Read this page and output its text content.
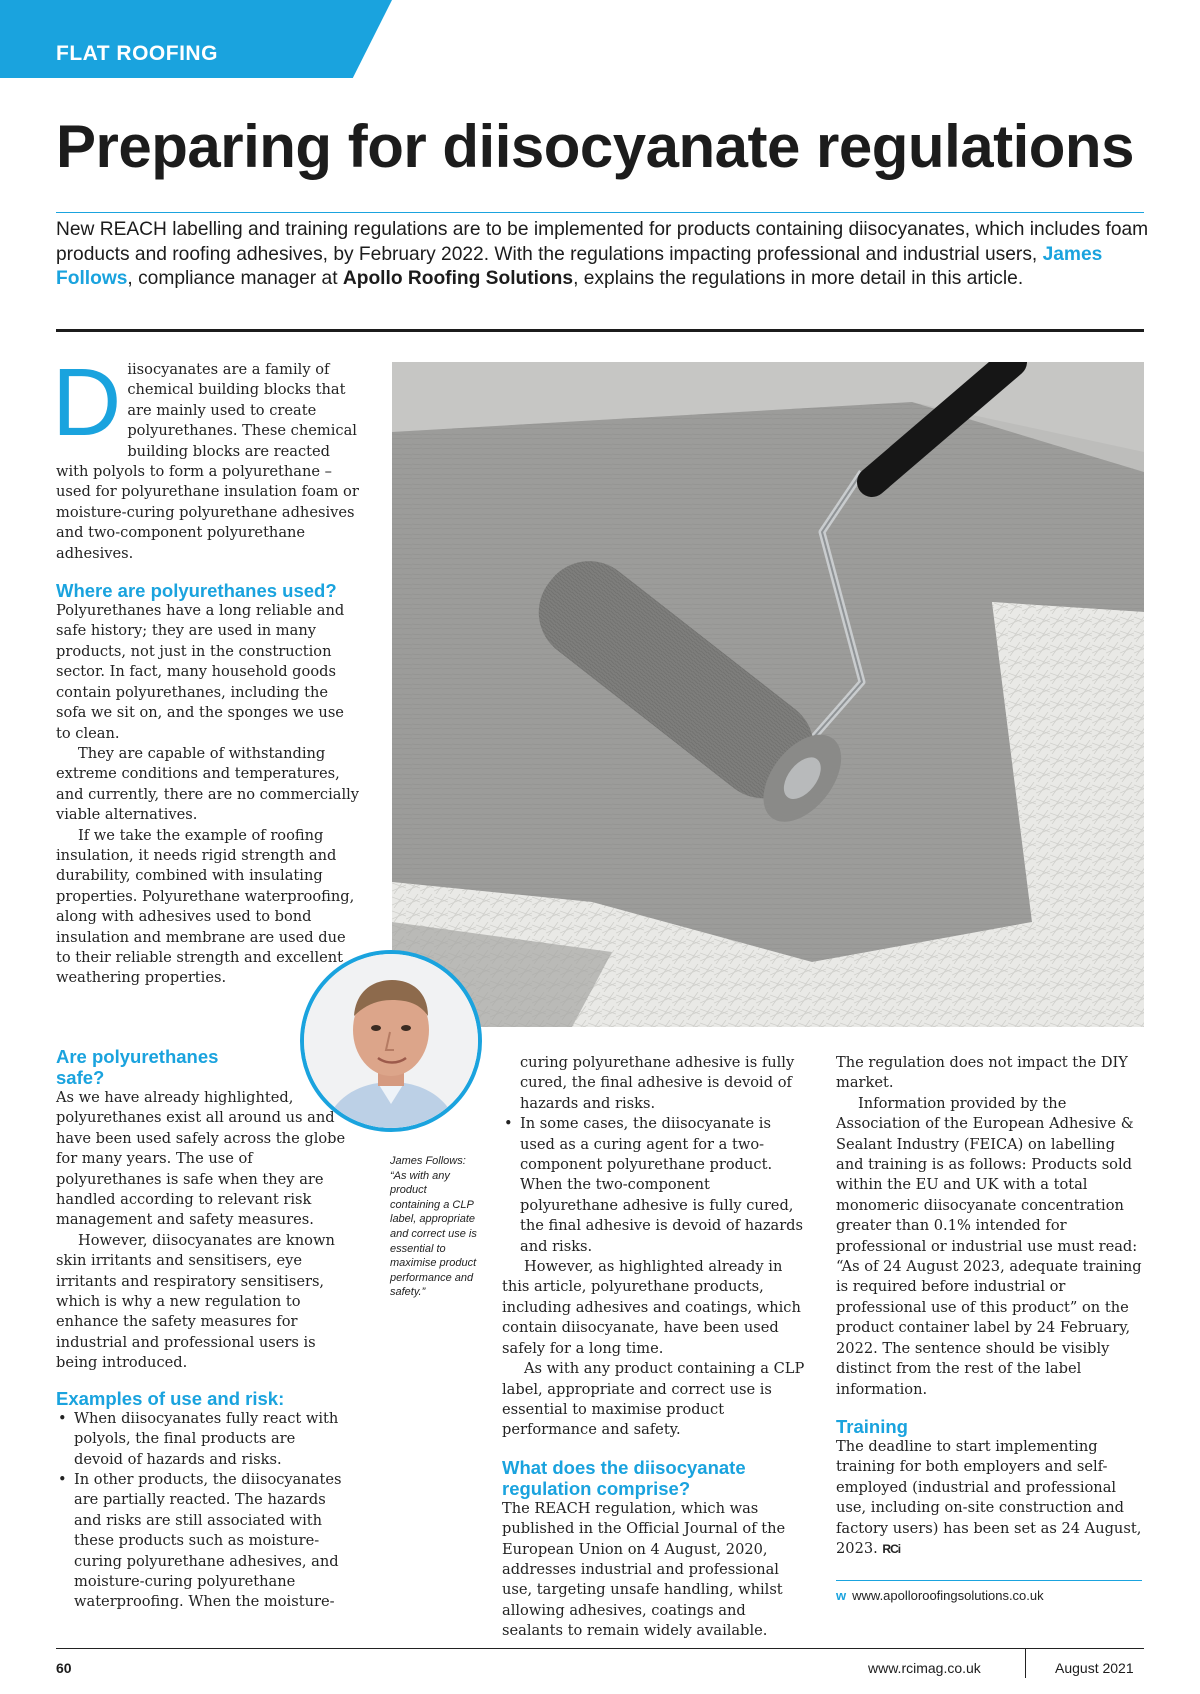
FLAT ROOFING
Preparing for diisocyanate regulations

New REACH labelling and training regulations are to be implemented for products containing diisocyanates, which includes foam products and roofing adhesives, by February 2022. With the regulations impacting professional and industrial users, James Follows, compliance manager at Apollo Roofing Solutions, explains the regulations in more detail in this article.

Diisocyanates are a family of chemical building blocks that are mainly used to create polyurethanes. These chemical building blocks are reacted with polyols to form a polyurethane – used for polyurethane insulation foam or moisture-curing polyurethane adhesives and two-component polyurethane adhesives.

Where are polyurethanes used?

Polyurethanes have a long reliable and safe history; they are used in many products, not just in the construction sector. In fact, many household goods contain polyurethanes, including the sofa we sit on, and the sponges we use to clean.

They are capable of withstanding extreme conditions and temperatures, and currently, there are no commercially viable alternatives.

If we take the example of roofing insulation, it needs rigid strength and durability, combined with insulating properties. Polyurethane waterproofing, along with adhesives used to bond insulation and membrane are used due to their reliable strength and excellent weathering properties.

Are polyurethanes safe?

As we have already highlighted, polyurethanes exist all around us and have been used safely across the globe for many years. The use of polyurethanes is safe when they are handled according to relevant risk management and safety measures.

However, diisocyanates are known skin irritants and sensitisers, eye irritants and respiratory sensitisers, which is why a new regulation to enhance the safety measures for industrial and professional users is being introduced.

Examples of use and risk:
• When diisocyanates fully react with polyols, the final products are devoid of hazards and risks.
• In other products, the diisocyanates are partially reacted. The hazards and risks are still associated with these products such as moisture-curing polyurethane adhesives, and moisture-curing polyurethane waterproofing. When the moisture-

James Follows: “As with any product containing a CLP label, appropriate and correct use is essential to maximise product performance and safety.”

curing polyurethane adhesive is fully cured, the final adhesive is devoid of hazards and risks.

• In some cases, the diisocyanate is used as a curing agent for a two-component polyurethane product. When the two-component polyurethane adhesive is fully cured, the final adhesive is devoid of hazards and risks.

However, as highlighted already in this article, polyurethane products, including adhesives and coatings, which contain diisocyanate, have been used safely for a long time.

As with any product containing a CLP label, appropriate and correct use is essential to maximise product performance and safety.

What does the diisocyanate regulation comprise?

The REACH regulation, which was published in the Official Journal of the European Union on 4 August, 2020, addresses industrial and professional use, targeting unsafe handling, whilst allowing adhesives, coatings and sealants to remain widely available.

The regulation does not impact the DIY market.

Information provided by the Association of the European Adhesive & Sealant Industry (FEICA) on labelling and training is as follows: Products sold within the EU and UK with a total monomeric diisocyanate concentration greater than 0.1% intended for professional or industrial use must read: “As of 24 August 2023, adequate training is required before industrial or professional use of this product” on the product container label by 24 February, 2022. The sentence should be visibly distinct from the rest of the label information.

Training

The deadline to start implementing training for both employers and self-employed (industrial and professional use, including on-site construction and factory users) has been set as 24 August, 2023. RCi

w www.apolloroofingsolutions.co.uk
60	www.rcimag.co.uk	August 2021
